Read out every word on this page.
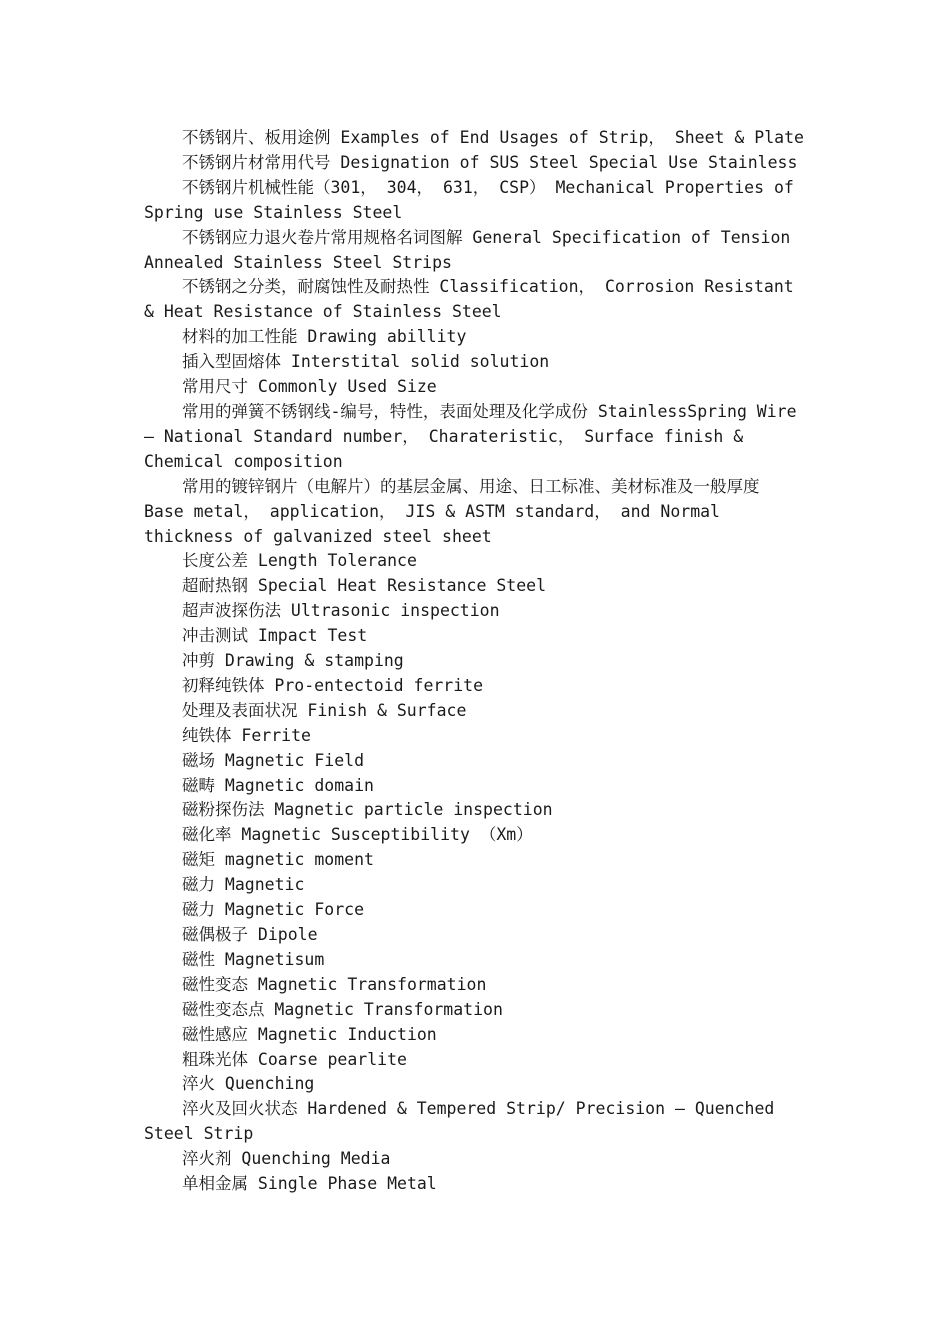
不锈钢片、板用途例 Examples of End Usages of Strip， Sheet & Plate

不锈钢片材常用代号 Designation of SUS Steel Special Use Stainless

不锈钢片机械性能（301， 304， 631， CSP） Mechanical Properties of Spring use Stainless Steel

不锈钢应力退火卷片常用规格名词图解 General Specification of Tension Annealed Stainless Steel Strips

不锈钢之分类，耐腐蚀性及耐热性 Classification， Corrosion Resistant & Heat Resistance of Stainless Steel

材料的加工性能 Drawing abillity

插入型固熔体 Interstital solid solution

常用尺寸 Commonly Used Size

常用的弹簧不锈钢线-编号，特性，表面处理及化学成份 StainlessSpring Wire – National Standard number， Charateristic， Surface finish & Chemical composition

常用的镀锌钢片（电解片）的基层金属、用途、日工标准、美材标准及一般厚度 Base metal， application， JIS & ASTM standard， and Normal thickness of galvanized steel sheet

长度公差 Length Tolerance

超耐热钢 Special Heat Resistance Steel

超声波探伤法 Ultrasonic inspection

冲击测试 Impact Test

冲剪 Drawing & stamping

初释纯铁体 Pro-entectoid ferrite

处理及表面状况 Finish & Surface

纯铁体 Ferrite

磁场 Magnetic Field

磁畴 Magnetic domain

磁粉探伤法 Magnetic particle inspection

磁化率 Magnetic Susceptibility （Xm）

磁矩 magnetic moment

磁力 Magnetic

磁力 Magnetic Force

磁偶极子 Dipole

磁性 Magnetisum

磁性变态 Magnetic Transformation

磁性变态点 Magnetic Transformation

磁性感应 Magnetic Induction

粗珠光体 Coarse pearlite

淬火 Quenching

淬火及回火状态 Hardened & Tempered Strip/ Precision – Quenched Steel Strip

淬火剂 Quenching Media

单相金属 Single Phase Metal
